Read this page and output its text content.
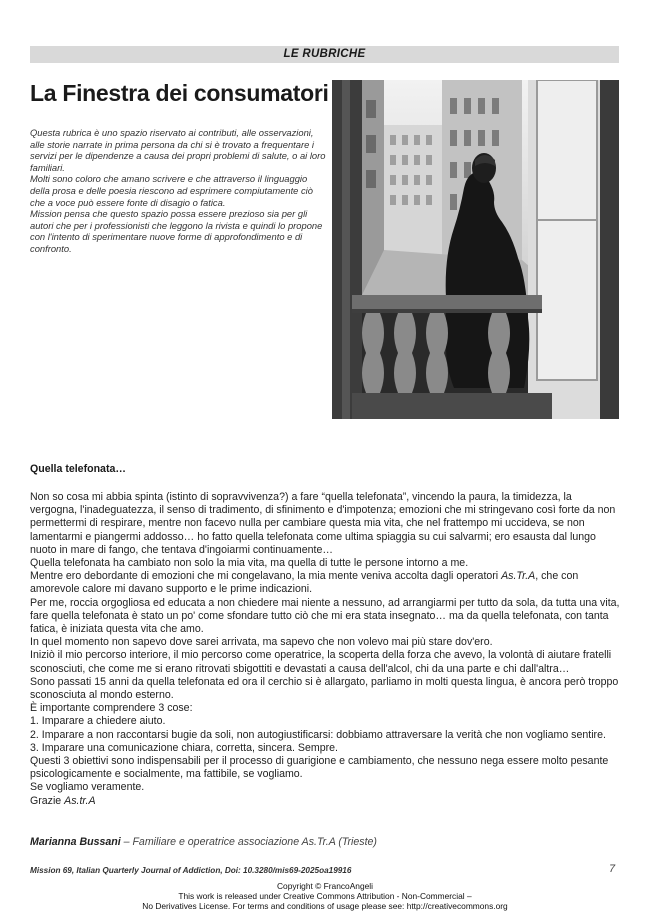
LE RUBRICHE
La Finestra dei consumatori

Questa rubrica è uno spazio riservato ai contributi, alle osservazioni, alle storie narrate in prima persona da chi si è trovato a frequentare i servizi per le dipendenze a causa dei propri problemi di salute, o ai loro familiari.

Molti sono coloro che amano scrivere e che attraverso il linguaggio della prosa e delle poesia riescono ad esprimere compiutamente ciò che a voce può essere fonte di disagio o fatica.

Mission pensa che questo spazio possa essere prezioso sia per gli autori che per i professionisti che leggono la rivista e quindi lo propone con l'intento di sperimentare nuove forme di approfondimento e di confronto.

Quella telefonata…

Non so cosa mi abbia spinta (istinto di sopravvivenza?) a fare “quella telefonata”, vincendo la paura, la timidezza, la vergogna, l'inadeguatezza, il senso di tradimento, di sfinimento e d'impotenza; emozioni che mi stringevano così forte da non permettermi di respirare, mentre non facevo nulla per cambiare questa mia vita, che nel frattempo mi uccideva, se non lamentarmi e piangermi addosso… ho fatto quella telefonata come ultima spiaggia su cui salvarmi; ero esausta dal lungo nuoto in mare di fango, che tentava d'ingoiarmi continuamente…

Quella telefonata ha cambiato non solo la mia vita, ma quella di tutte le persone intorno a me.

Mentre ero debordante di emozioni che mi congelavano, la mia mente veniva accolta dagli operatori As.Tr.A, che con amorevole calore mi davano supporto e le prime indicazioni.

Per me, roccia orgogliosa ed educata a non chiedere mai niente a nessuno, ad arrangiarmi per tutto da sola, da tutta una vita, fare quella telefonata è stato un po' come sfondare tutto ciò che mi era stata insegnato… ma da quella telefonata, con tanta fatica, è iniziata questa vita che amo.

In quel momento non sapevo dove sarei arrivata, ma sapevo che non volevo mai più stare dov'ero.

Iniziò il mio percorso interiore, il mio percorso come operatrice, la scoperta della forza che avevo, la volontà di aiutare fratelli sconosciuti, che come me si erano ritrovati sbigottiti e devastati a causa dell'alcol, chi da una parte e chi dall'altra…

Sono passati 15 anni da quella telefonata ed ora il cerchio si è allargato, parliamo in molti questa lingua, è ancora però troppo sconosciuta al mondo esterno.

È importante comprendere 3 cose:

1. Imparare a chiedere aiuto.

2. Imparare a non raccontarsi bugie da soli, non autogiustificarsi: dobbiamo attraversare la verità che non vogliamo sentire.

3. Imparare una comunicazione chiara, corretta, sincera. Sempre.

Questi 3 obiettivi sono indispensabili per il processo di guarigione e cambiamento, che nessuno nega essere molto pesante psicologicamente e socialmente, ma fattibile, se vogliamo.

Se vogliamo veramente.

Grazie As.tr.A

Marianna Bussani – Familiare e operatrice associazione As.Tr.A (Trieste)
Mission 69, Italian Quarterly Journal of Addiction, Doi: 10.3280/mis69-2025oa19916	7
Copyright © FrancoAngeli
This work is released under Creative Commons Attribution - Non-Commercial –
No Derivatives License. For terms and conditions of usage please see: http://creativecommons.org
